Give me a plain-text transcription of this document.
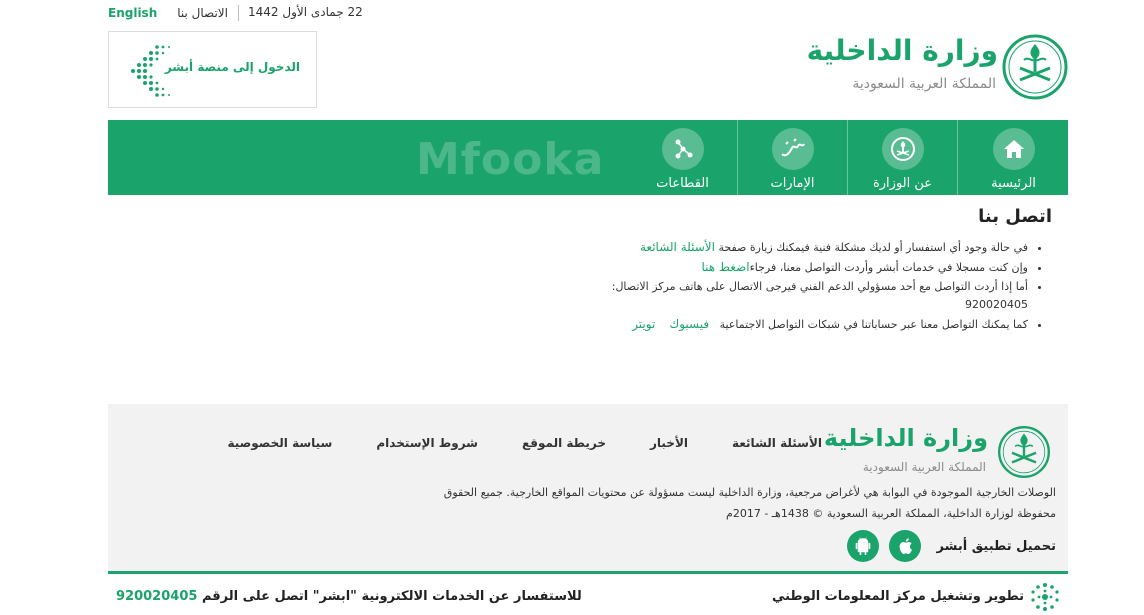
English الاتصال بنا 22 جمادى الأول 1442
الدخول إلى منصة أبشر	وزارة الداخلية
المملكة العربية السعودية
Mfooka	الرئيسية
عن الوزارة
الإمارات
القطاعات
اتصل بنا
• في حالة وجود أي استفسار أو لديك مشكلة فنية فيمكنك زيارة صفحة الأسئلة الشائعة
• وإن كنت مسجلا في خدمات أبشر وأردت التواصل معنا، فرجاءاضغط هنا
• أما إذا أردت التواصل مع أحد مسؤولي الدعم الفني فيرجى الاتصال على هاتف مركز الاتصال:
920020405
• كما يمكنك التواصل معنا عبر حساباتنا في شبكات التواصل الاجتماعية   فيسبوك    تويتر
وزارة الداخلية
المملكة العربية السعودية
سياسة الخصوصية	شروط الإستخدام	خريطة الموقع	الأخبار	الأسئلة الشائعة
الوصلات الخارجية الموجودة في البوابة هي لأغراض مرجعية، وزارة الداخلية ليست مسؤولة عن محتويات المواقع الخارجية. جميع الحقوق
محفوظة لوزارة الداخلية، المملكة العربية السعودية © 1438هـ - 2017م
تحميل تطبيق أبشر
للاستفسار عن الخدمات الالكترونية "ابشر" اتصل على الرقم 920020405	تطوير وتشغيل مركز المعلومات الوطني
